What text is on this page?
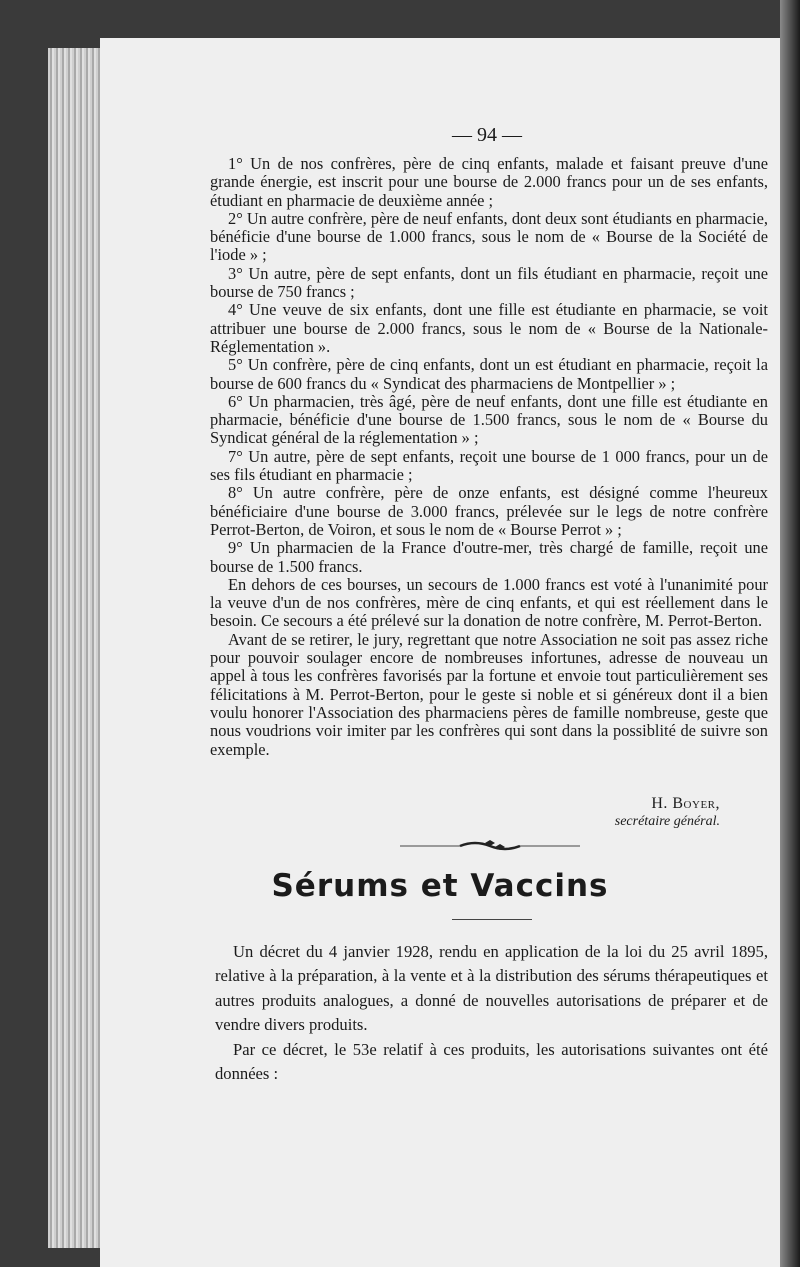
— 94 —

1° Un de nos confrères, père de cinq enfants, malade et faisant preuve d'une grande énergie, est inscrit pour une bourse de 2.000 francs pour un de ses enfants, étudiant en pharmacie de deuxième année ;

2° Un autre confrère, père de neuf enfants, dont deux sont étudiants en pharmacie, bénéficie d'une bourse de 1.000 francs, sous le nom de « Bourse de la Société de l'iode » ;

3° Un autre, père de sept enfants, dont un fils étudiant en pharmacie, reçoit une bourse de 750 francs ;

4° Une veuve de six enfants, dont une fille est étudiante en pharmacie, se voit attribuer une bourse de 2.000 francs, sous le nom de « Bourse de la Nationale-Réglementation ».

5° Un confrère, père de cinq enfants, dont un est étudiant en pharmacie, reçoit la bourse de 600 francs du « Syndicat des pharmaciens de Montpellier » ;

6° Un pharmacien, très âgé, père de neuf enfants, dont une fille est étudiante en pharmacie, bénéficie d'une bourse de 1.500 francs, sous le nom de « Bourse du Syndicat général de la réglementation » ;

7° Un autre, père de sept enfants, reçoit une bourse de 1 000 francs, pour un de ses fils étudiant en pharmacie ;

8° Un autre confrère, père de onze enfants, est désigné comme l'heureux bénéficiaire d'une bourse de 3.000 francs, prélevée sur le legs de notre confrère Perrot-Berton, de Voiron, et sous le nom de « Bourse Perrot » ;

9° Un pharmacien de la France d'outre-mer, très chargé de famille, reçoit une bourse de 1.500 francs.

En dehors de ces bourses, un secours de 1.000 francs est voté à l'unanimité pour la veuve d'un de nos confrères, mère de cinq enfants, et qui est réellement dans le besoin. Ce secours a été prélevé sur la donation de notre confrère, M. Perrot-Berton.

Avant de se retirer, le jury, regrettant que notre Association ne soit pas assez riche pour pouvoir soulager encore de nombreuses infortunes, adresse de nouveau un appel à tous les confrères favorisés par la fortune et envoie tout particulièrement ses félicitations à M. Perrot-Berton, pour le geste si noble et si généreux dont il a bien voulu honorer l'Association des pharmaciens pères de famille nombreuse, geste que nous voudrions voir imiter par les confrères qui sont dans la possiblité de suivre son exemple.

H. Boyer,
secrétaire général.
Sérums et Vaccins

Un décret du 4 janvier 1928, rendu en application de la loi du 25 avril 1895, relative à la préparation, à la vente et à la distribution des sérums thérapeutiques et autres produits analogues, a donné de nouvelles autorisations de préparer et de vendre divers produits.

Par ce décret, le 53e relatif à ces produits, les autorisations suivantes ont été données :
